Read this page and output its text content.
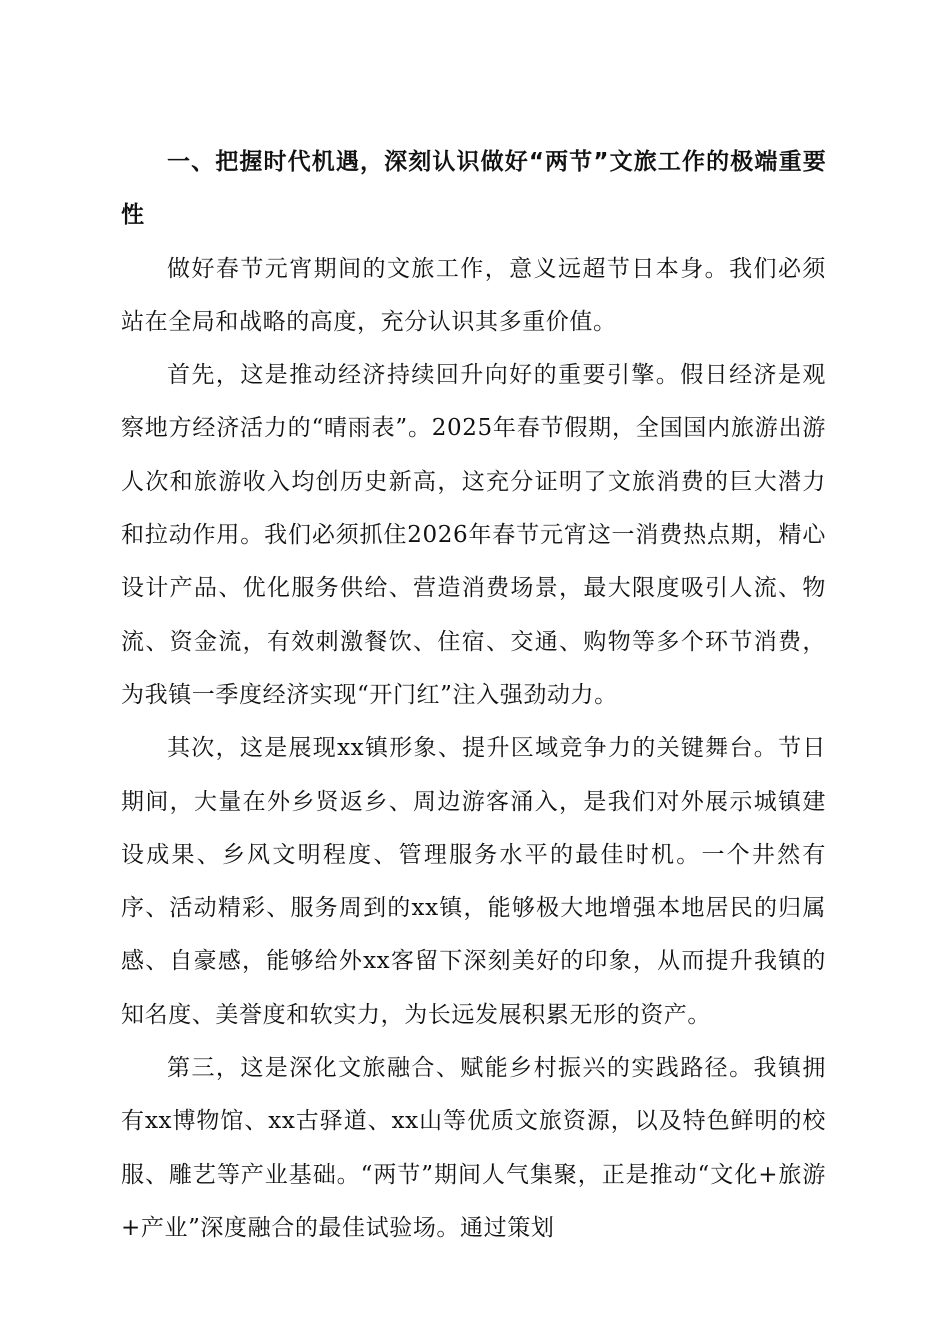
一、把握时代机遇，深刻认识做好“两节”文旅工作的极端重要性

做好春节元宵期间的文旅工作，意义远超节日本身。我们必须站在全局和战略的高度，充分认识其多重价值。

首先，这是推动经济持续回升向好的重要引擎。假日经济是观察地方经济活力的“晴雨表”。2025年春节假期，全国国内旅游出游人次和旅游收入均创历史新高，这充分证明了文旅消费的巨大潜力和拉动作用。我们必须抓住2026年春节元宵这一消费热点期，精心设计产品、优化服务供给、营造消费场景，最大限度吸引人流、物流、资金流，有效刺激餐饮、住宿、交通、购物等多个环节消费，为我镇一季度经济实现“开门红”注入强劲动力。

其次，这是展现xx镇形象、提升区域竞争力的关键舞台。节日期间，大量在外乡贤返乡、周边游客涌入，是我们对外展示城镇建设成果、乡风文明程度、管理服务水平的最佳时机。一个井然有序、活动精彩、服务周到的xx镇，能够极大地增强本地居民的归属感、自豪感，能够给外xx客留下深刻美好的印象，从而提升我镇的知名度、美誉度和软实力，为长远发展积累无形的资产。

第三，这是深化文旅融合、赋能乡村振兴的实践路径。我镇拥有xx博物馆、xx古驿道、xx山等优质文旅资源，以及特色鲜明的校服、雕艺等产业基础。“两节”期间人气集聚，正是推动“文化+旅游+产业”深度融合的最佳试验场。通过策划
